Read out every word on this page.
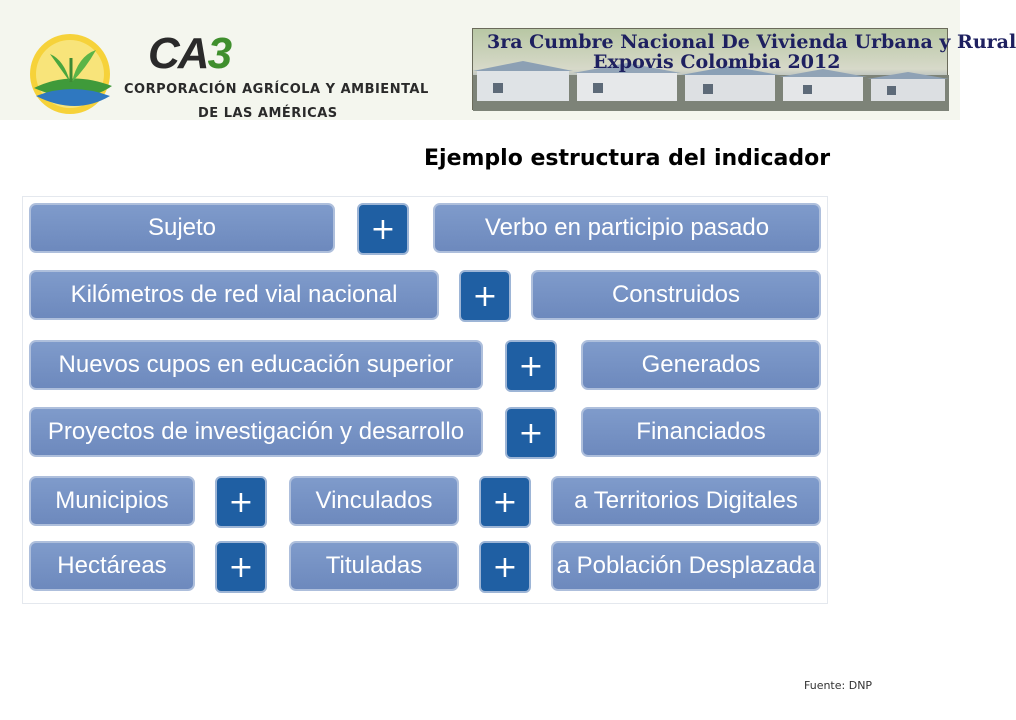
CA3
CORPORACIÓN AGRÍCOLA Y AMBIENTAL
DE LAS AMÉRICAS
3ra Cumbre Nacional De Vivienda Urbana y Rural
Expovis Colombia 2012
Ejemplo estructura del indicador
Sujeto	+	Verbo en participio pasado
Kilómetros de red vial nacional	+	Construidos
Nuevos cupos en educación superior	+	Generados
Proyectos de investigación y desarrollo	+	Financiados
Municipios	+	Vinculados	+	a Territorios Digitales
Hectáreas	+	Tituladas	+	a Población Desplazada
Fuente: DNP
